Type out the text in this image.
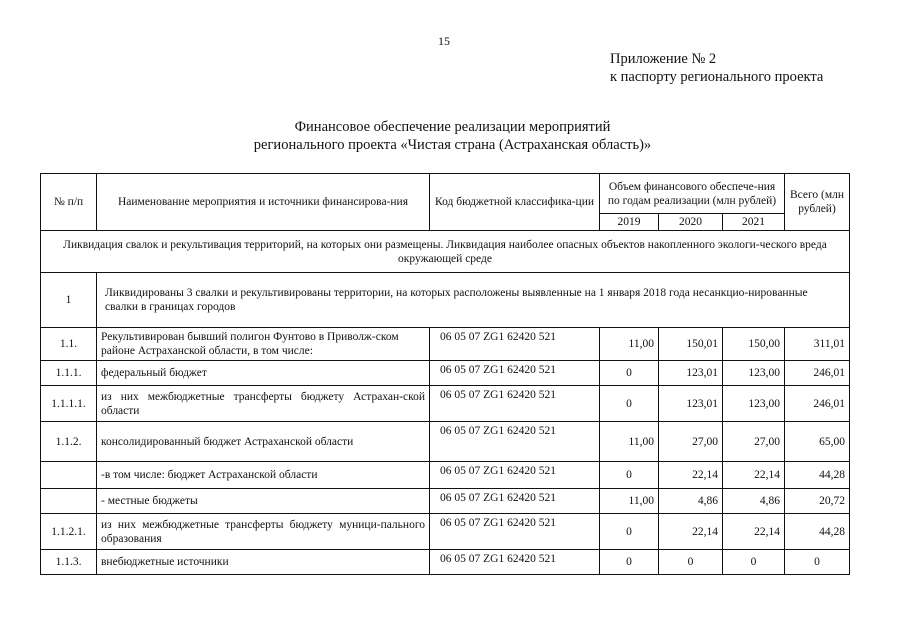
15
Приложение № 2
к паспорту регионального проекта
Финансовое обеспечение реализации мероприятий
регионального проекта «Чистая страна (Астраханская область)»
№ п/п	Наименование мероприятия и источники финансирова-ния	Код бюджетной классифика-ции	Объем финансового обеспече-ния по годам реализации (млн рублей)			Всего (млн рублей)
			2019	2020	2021	
Ликвидация свалок и рекультивация территорий, на которых они размещены. Ликвидация наиболее опасных объектов накопленного экологи-ческого вреда окружающей среде						
1	Ликвидированы 3 свалки и рекультивированы территории, на которых расположены выявленные на 1 января 2018 года несанкцио-нированные свалки в границах городов					
1.1.	Рекультивирован бывший полигон Фунтово в Приволж-ском районе Астраханской области, в том числе:	06 05 07 ZG1 62420 521	11,00	150,01	150,00	311,01
1.1.1.	федеральный бюджет	06 05 07 ZG1 62420 521	0	123,01	123,00	246,01
1.1.1.1.	из них межбюджетные трансферты бюджету Астрахан-ской области	06 05 07 ZG1 62420 521	0	123,01	123,00	246,01
1.1.2.	консолидированный бюджет Астраханской области	06 05 07 ZG1 62420 521	11,00	27,00	27,00	65,00
	-в том числе: бюджет Астраханской области	06 05 07 ZG1 62420 521	0	22,14	22,14	44,28
	- местные бюджеты	06 05 07 ZG1 62420 521	11,00	4,86	4,86	20,72
1.1.2.1.	из них межбюджетные трансферты бюджету муници-пального образования	06 05 07 ZG1 62420 521	0	22,14	22,14	44,28
1.1.3.	внебюджетные источники	06 05 07 ZG1 62420 521	0	0	0	0
